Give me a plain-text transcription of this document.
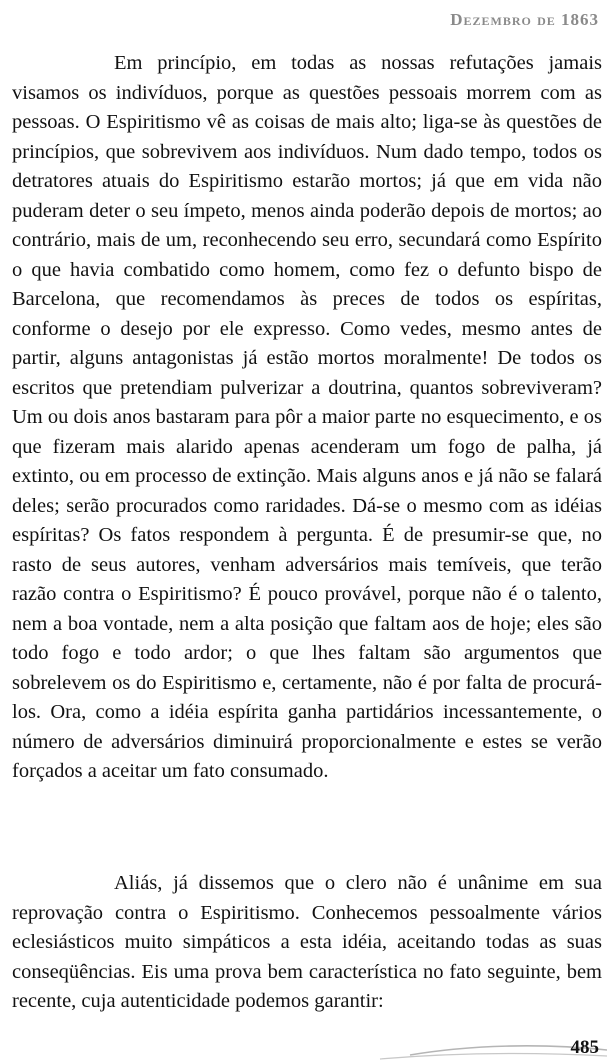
Dezembro de 1863

Em princípio, em todas as nossas refutações jamais visamos os indivíduos, porque as questões pessoais morrem com as pessoas. O Espiritismo vê as coisas de mais alto; liga-se às questões de princípios, que sobrevivem aos indivíduos. Num dado tempo, todos os detratores atuais do Espiritismo estarão mortos; já que em vida não puderam deter o seu ímpeto, menos ainda poderão depois de mortos; ao contrário, mais de um, reconhecendo seu erro, secundará como Espírito o que havia combatido como homem, como fez o defunto bispo de Barcelona, que recomendamos às preces de todos os espíritas, conforme o desejo por ele expresso. Como vedes, mesmo antes de partir, alguns antagonistas já estão mortos moralmente! De todos os escritos que pretendiam pulverizar a doutrina, quantos sobreviveram? Um ou dois anos bastaram para pôr a maior parte no esquecimento, e os que fizeram mais alarido apenas acenderam um fogo de palha, já extinto, ou em processo de extinção. Mais alguns anos e já não se falará deles; serão procurados como raridades. Dá-se o mesmo com as idéias espíritas? Os fatos respondem à pergunta. É de presumir-se que, no rasto de seus autores, venham adversários mais temíveis, que terão razão contra o Espiritismo? É pouco provável, porque não é o talento, nem a boa vontade, nem a alta posição que faltam aos de hoje; eles são todo fogo e todo ardor; o que lhes faltam são argumentos que sobrelevem os do Espiritismo e, certamente, não é por falta de procurá-los. Ora, como a idéia espírita ganha partidários incessantemente, o número de adversários diminuirá proporcionalmente e estes se verão forçados a aceitar um fato consumado.

Aliás, já dissemos que o clero não é unânime em sua reprovação contra o Espiritismo. Conhecemos pessoalmente vários eclesiásticos muito simpáticos a esta idéia, aceitando todas as suas conseqüências. Eis uma prova bem característica no fato seguinte, bem recente, cuja autenticidade podemos garantir:

485
